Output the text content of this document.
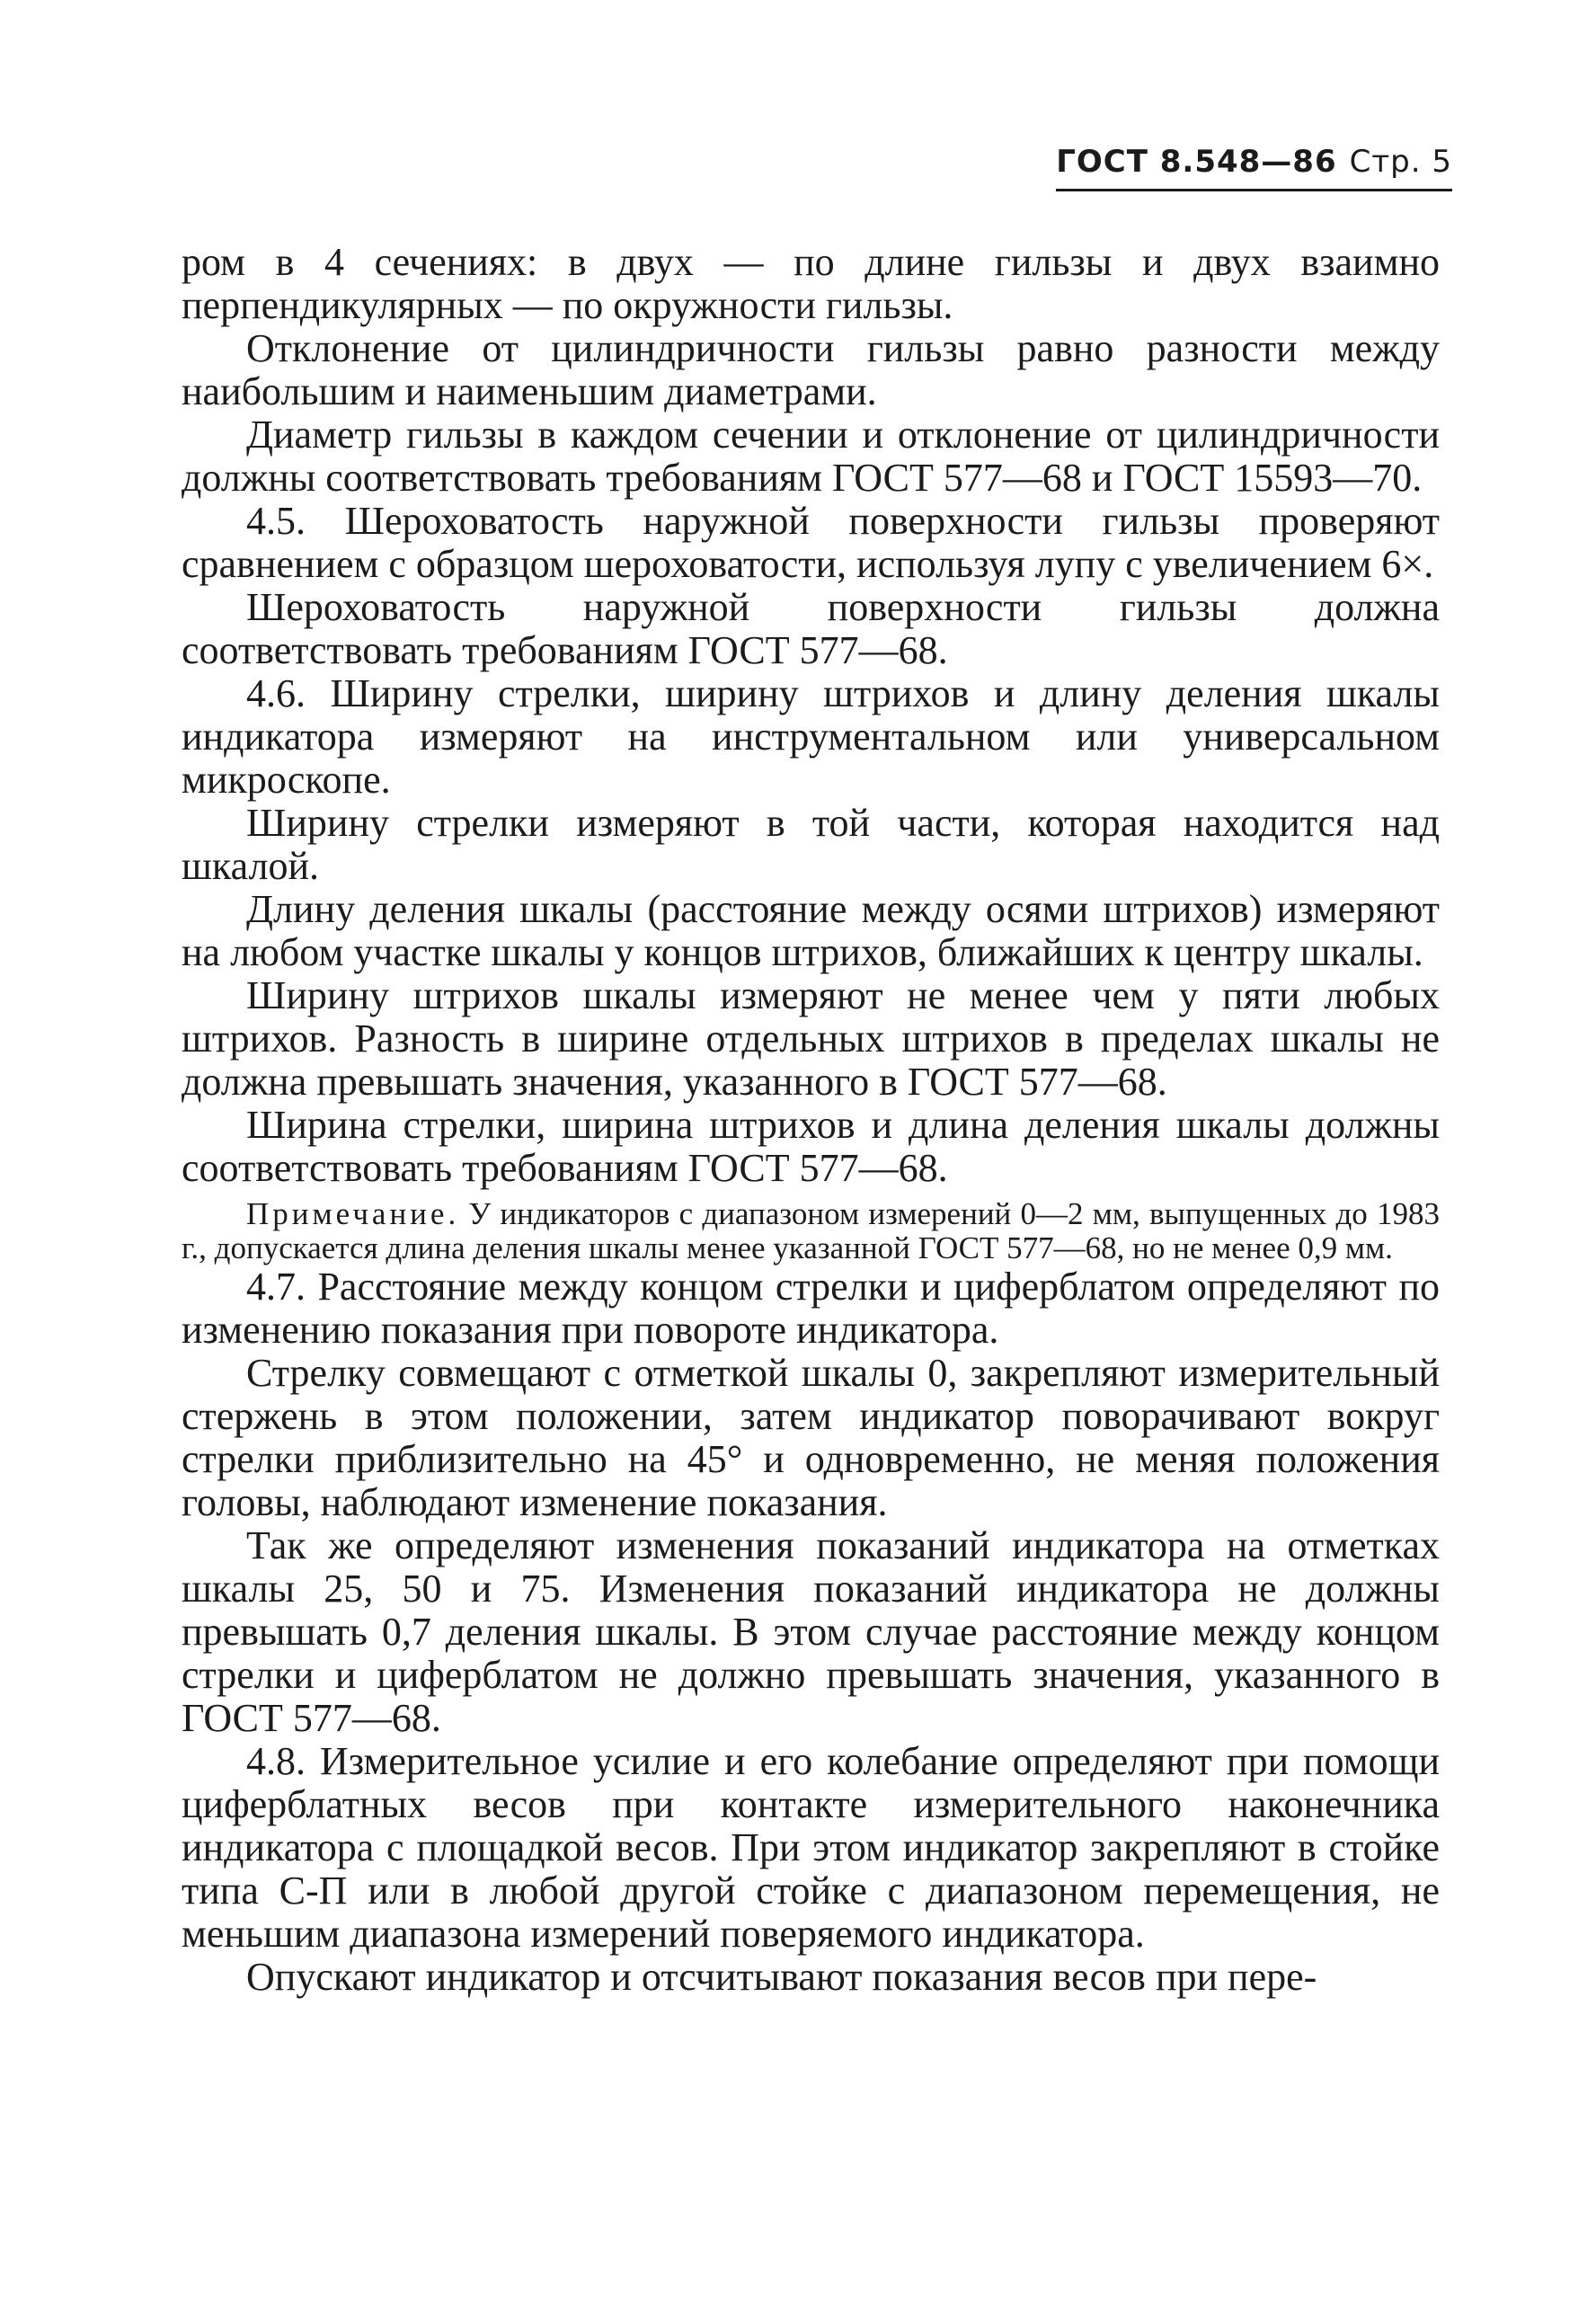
ГОСТ 8.548—86 Стр. 5

ром в 4 сечениях: в двух — по длине гильзы и двух взаимно перпендикулярных — по окружности гильзы.

Отклонение от цилиндричности гильзы равно разности между наибольшим и наименьшим диаметрами.

Диаметр гильзы в каждом сечении и отклонение от цилиндричности должны соответствовать требованиям ГОСТ 577—68 и ГОСТ 15593—70.

4.5. Шероховатость наружной поверхности гильзы проверяют сравнением с образцом шероховатости, используя лупу с увеличением 6×.

Шероховатость наружной поверхности гильзы должна соответствовать требованиям ГОСТ 577—68.

4.6. Ширину стрелки, ширину штрихов и длину деления шкалы индикатора измеряют на инструментальном или универсальном микроскопе.

Ширину стрелки измеряют в той части, которая находится над шкалой.

Длину деления шкалы (расстояние между осями штрихов) измеряют на любом участке шкалы у концов штрихов, ближайших к центру шкалы.

Ширину штрихов шкалы измеряют не менее чем у пяти любых штрихов. Разность в ширине отдельных штрихов в пределах шкалы не должна превышать значения, указанного в ГОСТ 577—68.

Ширина стрелки, ширина штрихов и длина деления шкалы должны соответствовать требованиям ГОСТ 577—68.

Примечание. У индикаторов с диапазоном измерений 0—2 мм, выпущенных до 1983 г., допускается длина деления шкалы менее указанной ГОСТ 577—68, но не менее 0,9 мм.

4.7. Расстояние между концом стрелки и циферблатом определяют по изменению показания при повороте индикатора.

Стрелку совмещают с отметкой шкалы 0, закрепляют измерительный стержень в этом положении, затем индикатор поворачивают вокруг стрелки приблизительно на 45° и одновременно, не меняя положения головы, наблюдают изменение показания.

Так же определяют изменения показаний индикатора на отметках шкалы 25, 50 и 75. Изменения показаний индикатора не должны превышать 0,7 деления шкалы. В этом случае расстояние между концом стрелки и циферблатом не должно превышать значения, указанного в ГОСТ 577—68.

4.8. Измерительное усилие и его колебание определяют при помощи циферблатных весов при контакте измерительного наконечника индикатора с площадкой весов. При этом индикатор закрепляют в стойке типа С-П или в любой другой стойке с диапазоном перемещения, не меньшим диапазона измерений поверяемого индикатора.

Опускают индикатор и отсчитывают показания весов при пере-
